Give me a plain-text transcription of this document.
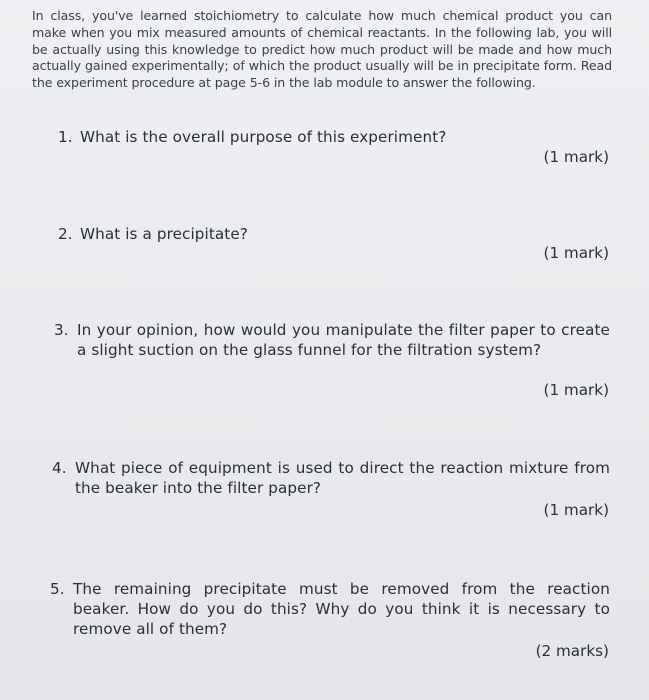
In class, you've learned stoichiometry to calculate how much chemical product you can make when you mix measured amounts of chemical reactants. In the following lab, you will be actually using this knowledge to predict how much product will be made and how much actually gained experimentally; of which the product usually will be in precipitate form. Read the experiment procedure at page 5-6 in the lab module to answer the following.
1. What is the overall purpose of this experiment?
(1 mark)
2. What is a precipitate?
(1 mark)
3. In your opinion, how would you manipulate the filter paper to create a slight suction on the glass funnel for the filtration system?
(1 mark)
4. What piece of equipment is used to direct the reaction mixture from the beaker into the filter paper?
(1 mark)
5. The remaining precipitate must be removed from the reaction beaker. How do you do this? Why do you think it is necessary to remove all of them?
(2 marks)
